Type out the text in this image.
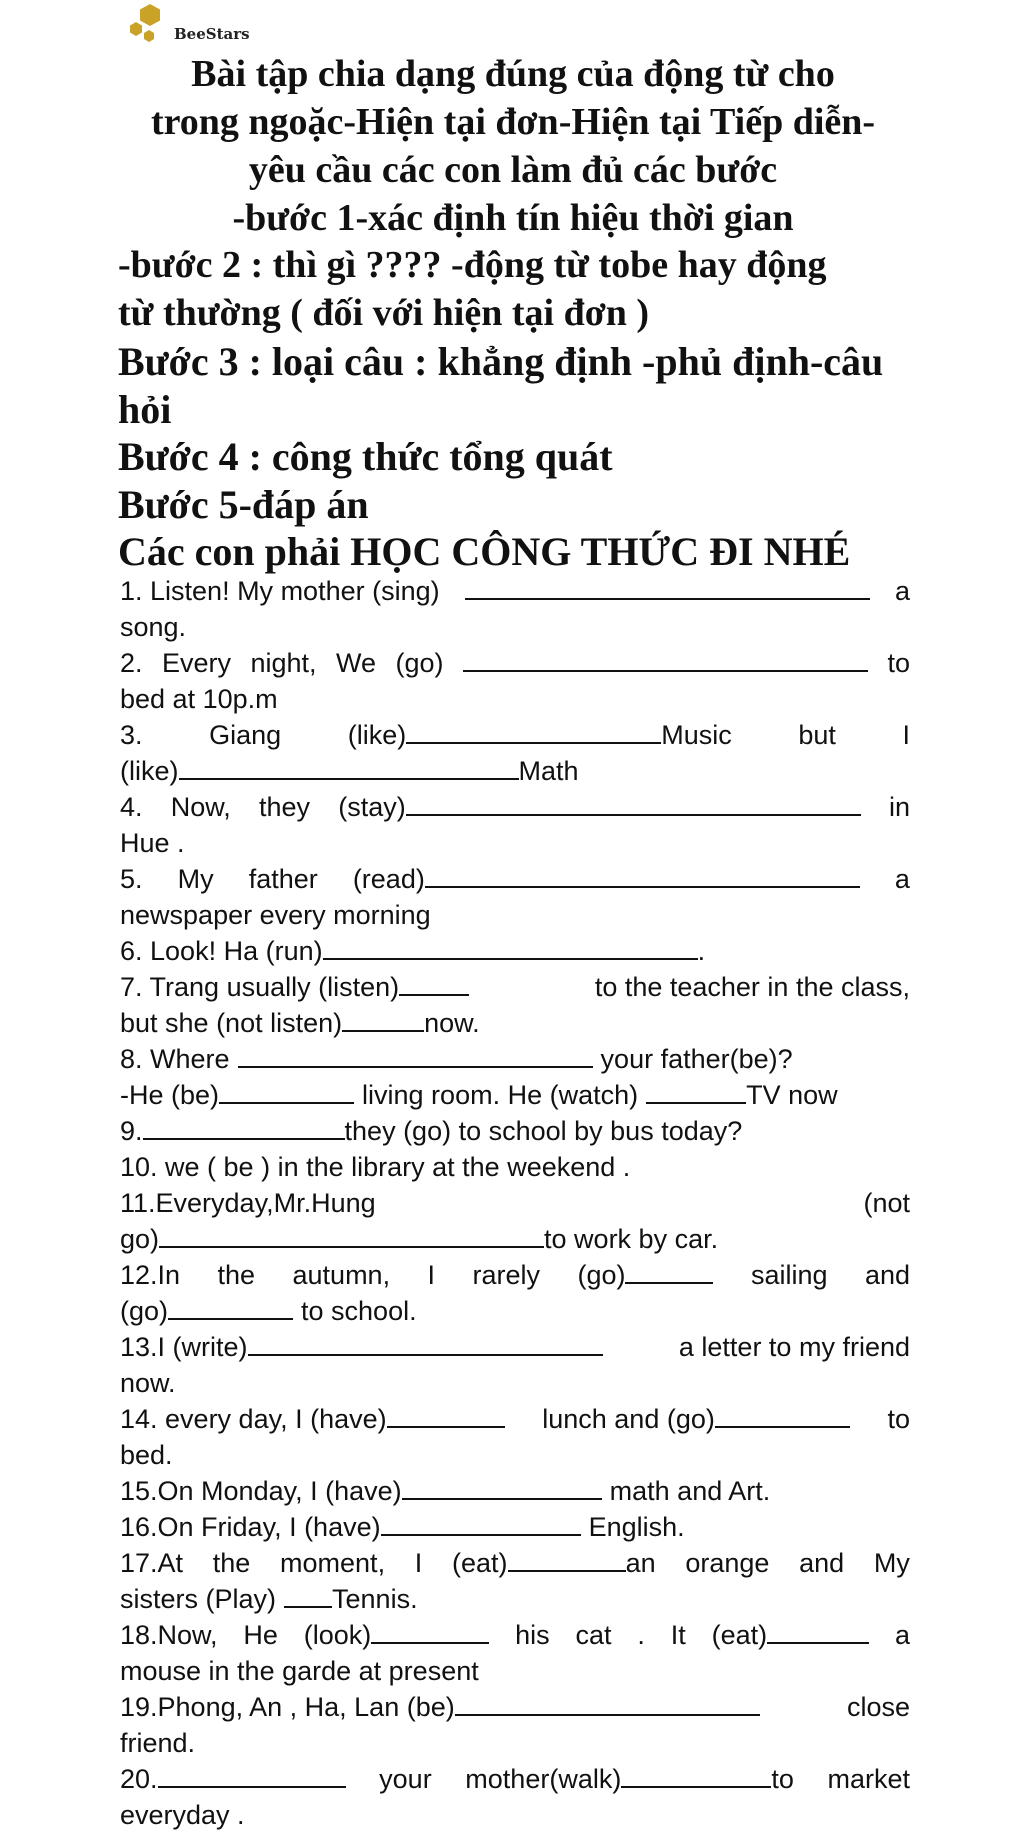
BeeStars
Bài tập chia dạng đúng của động từ cho
trong ngoặc-Hiện tại đơn-Hiện tại Tiếp diễn-
yêu cầu các con làm đủ các bước
-bước 1-xác định tín hiệu thời gian
-bước 2 : thì gì ???? -động từ tobe hay động
từ thường ( đối với hiện tại đơn )
Bước 3 : loại câu : khẳng định -phủ định-câu
hỏi
Bước 4 : công thức tổng quát
Bước 5-đáp án
Các con phải HỌC CÔNG THỨC ĐI NHÉ
1. Listen! My mother (sing)	a
song.
2. Every night, We (go)	to
bed at 10p.m
3. Giang (like)	Music but I
(like)	Math
4. Now, they (stay)	in
Hue .
5. My father (read)	a
newspaper every morning
6. Look! Ha (run)	.
7. Trang usually (listen)	to the teacher in the class,
but she (not listen)	now.
8. Where	your father(be)?
-He (be)	living room. He (watch)	TV now
9.	they (go) to school by bus today?
10. we ( be ) in the library at the weekend .
11.Everyday,Mr.Hung	(not
go)	to work by car.
12.In the autumn, I rarely (go)	sailing and
(go)	to school.
13.I (write)	a letter to my friend
now.
14. every day, I (have)	lunch and (go)	to
bed.
15.On Monday, I (have)	math and Art.
16.On Friday, I (have)	English.
17.At the moment, I (eat)	an orange and My
sisters (Play) Tennis.
18.Now, He (look)	his cat . It (eat)	a
mouse in the garde at present
19.Phong, An , Ha, Lan (be)	close
friend.
20.	your mother(walk)	to market
everyday .
